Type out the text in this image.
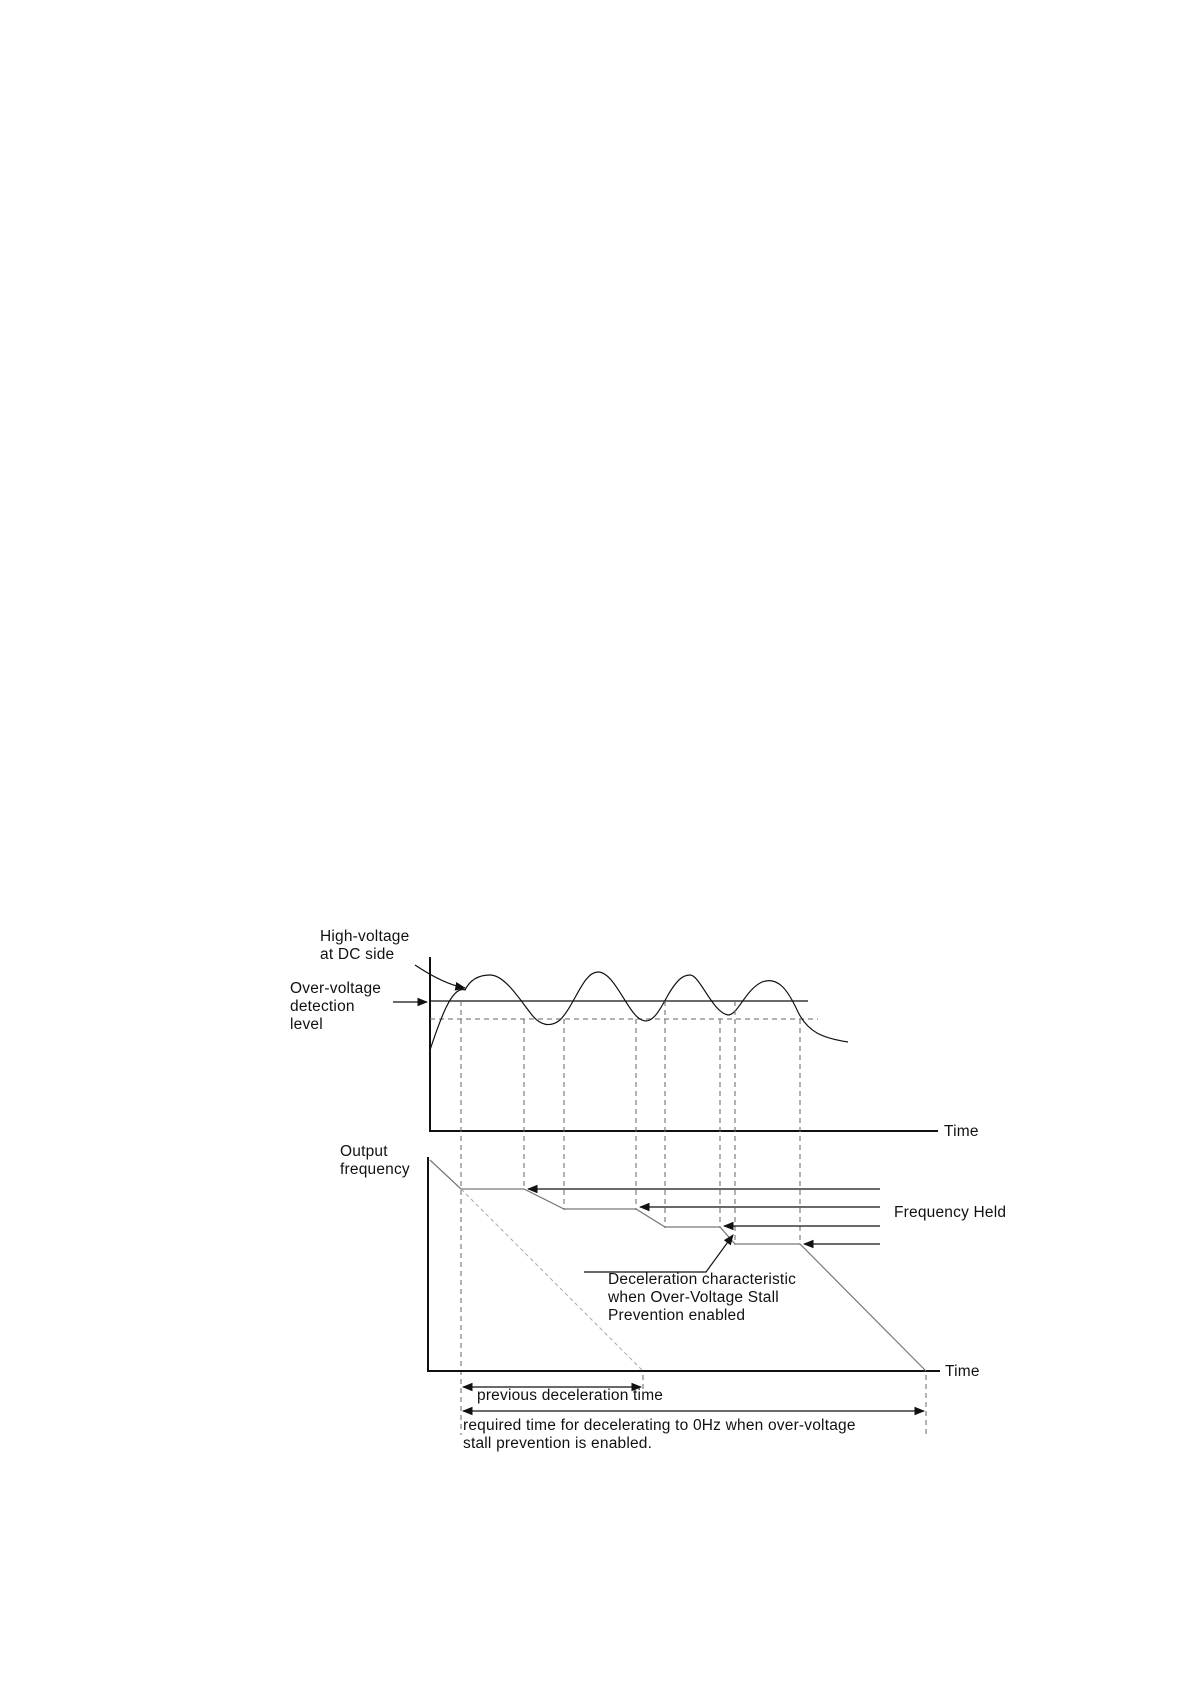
High-voltage
at DC side
Over-voltage
detection
level
Time
Output
frequency
Frequency Held
Deceleration characteristic
when Over-Voltage Stall
Prevention enabled
Time
previous deceleration time
required time for decelerating to 0Hz when over-voltage
stall prevention is enabled.
